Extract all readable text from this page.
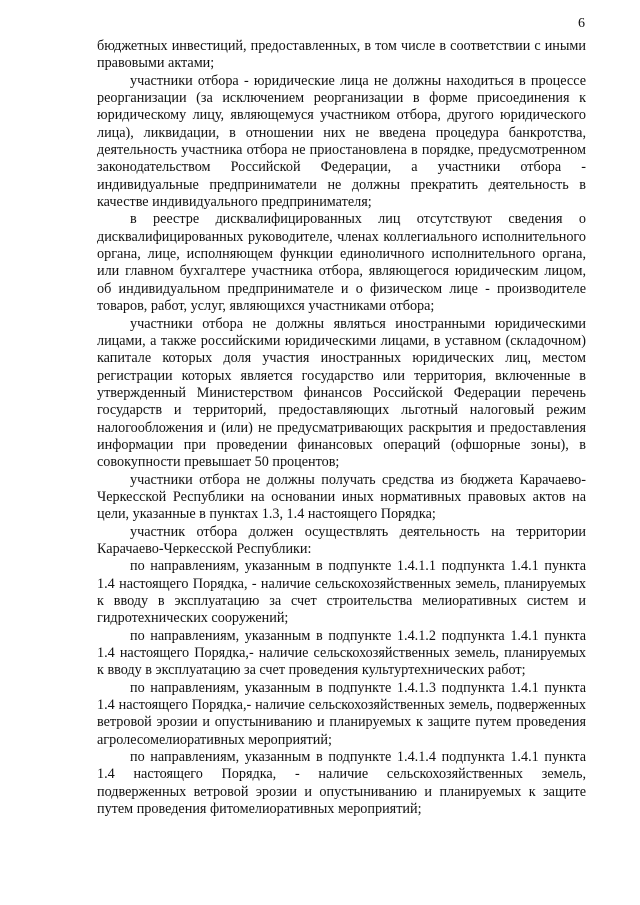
6

бюджетных инвестиций, предоставленных, в том числе в соответствии с иными правовыми актами;

участники отбора - юридические лица не должны находиться в процессе реорганизации (за исключением реорганизации в форме присоединения к юридическому лицу, являющемуся участником отбора, другого юридического лица), ликвидации, в отношении них не введена процедура банкротства, деятельность участника отбора не приостановлена в порядке, предусмотренном законодательством Российской Федерации, а участники отбора - индивидуальные предприниматели не должны прекратить деятельность в качестве индивидуального предпринимателя;

в реестре дисквалифицированных лиц отсутствуют сведения о дисквалифицированных руководителе, членах коллегиального исполнительного органа, лице, исполняющем функции единоличного исполнительного органа, или главном бухгалтере участника отбора, являющегося юридическим лицом, об индивидуальном предпринимателе и о физическом лице - производителе товаров, работ, услуг, являющихся участниками отбора;

участники отбора не должны являться иностранными юридическими лицами, а также российскими юридическими лицами, в уставном (складочном) капитале которых доля участия иностранных юридических лиц, местом регистрации которых является государство или территория, включенные в утвержденный Министерством финансов Российской Федерации перечень государств и территорий, предоставляющих льготный налоговый режим налогообложения и (или) не предусматривающих раскрытия и предоставления информации при проведении финансовых операций (офшорные зоны), в совокупности превышает 50 процентов;

участники отбора не должны получать средства из бюджета Карачаево-Черкесской Республики на основании иных нормативных правовых актов на цели, указанные в пунктах 1.3, 1.4 настоящего Порядка;

участник отбора должен осуществлять деятельность на территории Карачаево-Черкесской Республики:

по направлениям, указанным в подпункте 1.4.1.1 подпункта 1.4.1 пункта 1.4 настоящего Порядка, - наличие сельскохозяйственных земель, планируемых к вводу в эксплуатацию за счет строительства мелиоративных систем и гидротехнических сооружений;

по направлениям, указанным в подпункте 1.4.1.2 подпункта 1.4.1 пункта 1.4 настоящего Порядка,- наличие сельскохозяйственных земель, планируемых к вводу в эксплуатацию за счет проведения культуртехнических работ;

по направлениям, указанным в подпункте 1.4.1.3 подпункта 1.4.1 пункта 1.4 настоящего Порядка,- наличие сельскохозяйственных земель, подверженных ветровой эрозии и опустыниванию и планируемых к защите путем проведения агролесомелиоративных мероприятий;

по направлениям, указанным в подпункте 1.4.1.4 подпункта 1.4.1 пункта 1.4 настоящего Порядка, - наличие сельскохозяйственных земель, подверженных ветровой эрозии и опустыниванию и планируемых к защите путем проведения фитомелиоративных мероприятий;
